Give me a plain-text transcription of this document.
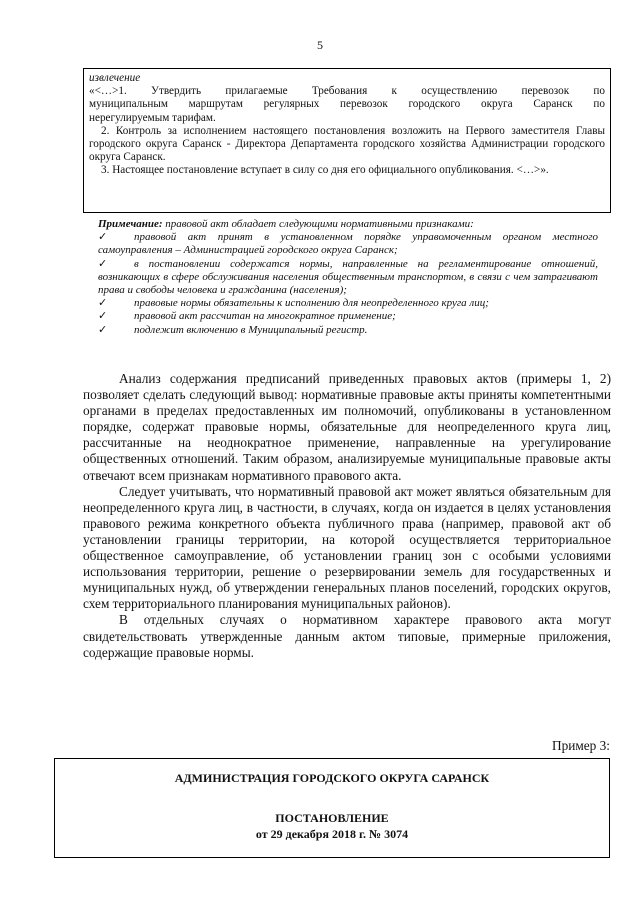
5

извлечение

«<…>1. Утвердить прилагаемые Требования к осуществлению перевозок по

муниципальным маршрутам регулярных перевозок городского округа Саранск по

нерегулируемым тарифам.

2. Контроль за исполнением настоящего постановления возложить на Первого заместителя Главы городского округа Саранск - Директора Департамента городского хозяйства Администрации городского округа Саранск.

3. Настоящее постановление вступает в силу со дня его официального опубликования. <…>».

Примечание: правовой акт обладает следующими нормативными признаками:

✓ правовой акт принят в установленном порядке управомоченным органом местного самоуправления – Администрацией городского округа Саранск;

✓ в постановлении содержатся нормы, направленные на регламентирование отношений, возникающих в сфере обслуживания населения общественным транспортом, в связи с чем затрагивают права и свободы человека и гражданина (населения);

✓ правовые нормы обязательны к исполнению для неопределенного круга лиц;

✓ правовой акт рассчитан на многократное применение;

✓ подлежит включению в Муниципальный регистр.

Анализ содержания предписаний приведенных правовых актов (примеры 1, 2) позволяет сделать следующий вывод: нормативные правовые акты приняты компетентными органами в пределах предоставленных им полномочий, опубликованы в установленном порядке, содержат правовые нормы, обязательные для неопределенного круга лиц, рассчитанные на неоднократное применение, направленные на урегулирование общественных отношений. Таким образом, анализируемые муниципальные правовые акты отвечают всем признакам нормативного правового акта.

Следует учитывать, что нормативный правовой акт может являться обязательным для неопределенного круга лиц, в частности, в случаях, когда он издается в целях установления правового режима конкретного объекта публичного права (например, правовой акт об установлении границы территории, на которой осуществляется территориальное общественное самоуправление, об установлении границ зон с особыми условиями использования территории, решение о резервировании земель для государственных и муниципальных нужд, об утверждении генеральных планов поселений, городских округов, схем территориального планирования муниципальных районов).

В отдельных случаях о нормативном характере правового акта могут свидетельствовать утвержденные данным актом типовые, примерные приложения, содержащие правовые нормы.

Пример 3:
АДМИНИСТРАЦИЯ ГОРОДСКОГО ОКРУГА САРАНСК
ПОСТАНОВЛЕНИЕ
от 29 декабря 2018 г. № 3074
